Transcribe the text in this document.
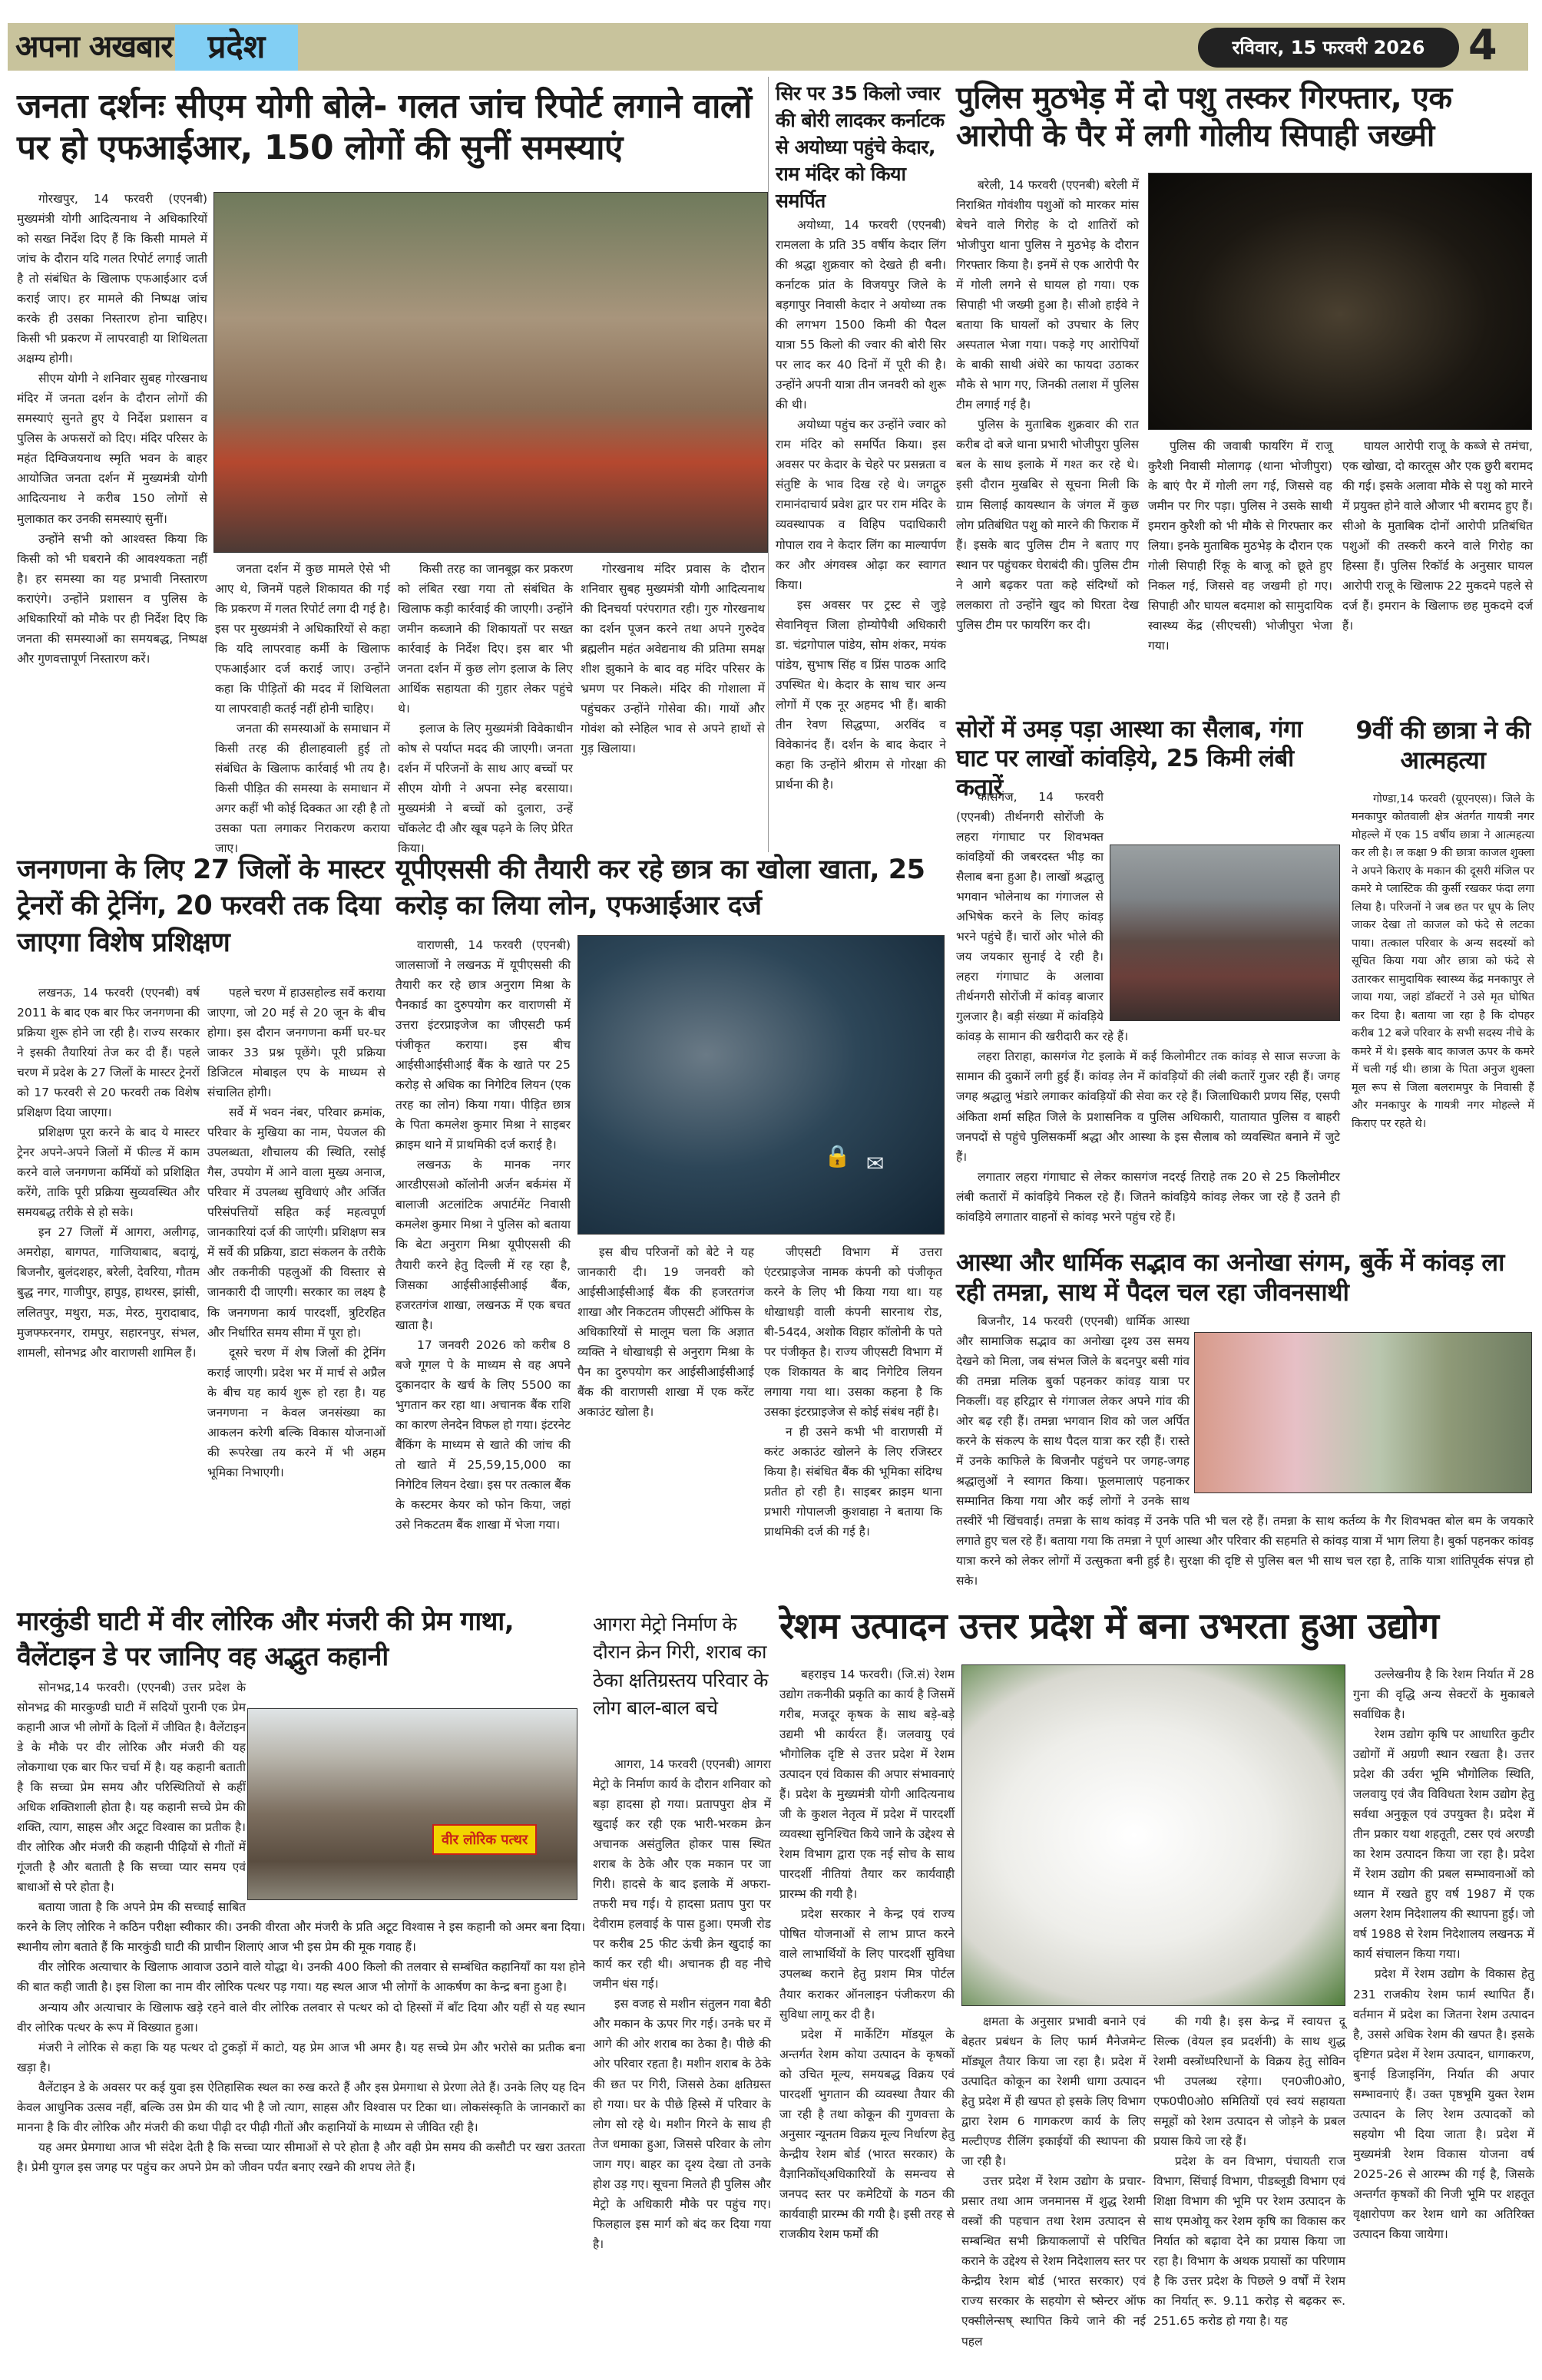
अपना अखबार	प्रदेश	रविवार, 15 फरवरी 2026	4
जनता दर्शनः सीएम योगी बोले- गलत जांच रिपोर्ट लगाने वालों पर हो एफआईआर, 150 लोगों की सुनीं समस्याएं

गोरखपुर, 14 फरवरी (एएनबी) मुख्यमंत्री योगी आदित्यनाथ ने अधिकारियों को सख्त निर्देश दिए हैं कि किसी मामले में जांच के दौरान यदि गलत रिपोर्ट लगाई जाती है तो संबंधित के खिलाफ एफआईआर दर्ज कराई जाए। हर मामले की निष्पक्ष जांच करके ही उसका निस्तारण होना चाहिए। किसी भी प्रकरण में लापरवाही या शिथिलता अक्षम्य होगी।

सीएम योगी ने शनिवार सुबह गोरखनाथ मंदिर में जनता दर्शन के दौरान लोगों की समस्याएं सुनते हुए ये निर्देश प्रशासन व पुलिस के अफसरों को दिए। मंदिर परिसर के महंत दिग्विजयनाथ स्मृति भवन के बाहर आयोजित जनता दर्शन में मुख्यमंत्री योगी आदित्यनाथ ने करीब 150 लोगों से मुलाकात कर उनकी समस्याएं सुनीं।

उन्होंने सभी को आश्वस्त किया कि किसी को भी घबराने की आवश्यकता नहीं है। हर समस्या का यह प्रभावी निस्तारण कराएंगे। उन्होंने प्रशासन व पुलिस के अधिकारियों को मौके पर ही निर्देश दिए कि जनता की समस्याओं का समयबद्ध, निष्पक्ष और गुणवत्तापूर्ण निस्तारण करें।

जनता दर्शन में कुछ मामले ऐसे भी आए थे, जिनमें पहले शिकायत की गई कि प्रकरण में गलत रिपोर्ट लगा दी गई है। इस पर मुख्यमंत्री ने अधिकारियों से कहा कि यदि लापरवाह कर्मी के खिलाफ एफआईआर दर्ज कराई जाए। उन्होंने कहा कि पीड़ितों की मदद में शिथिलता या लापरवाही कतई नहीं होनी चाहिए।

जनता की समस्याओं के समाधान में किसी तरह की हीलाहवाली हुई तो संबंधित के खिलाफ कार्रवाई भी तय है। किसी पीड़ित की समस्या के समाधान में अगर कहीं भी कोई दिक्कत आ रही है तो उसका पता लगाकर निराकरण कराया जाए।

किसी तरह का जानबूझ कर प्रकरण को लंबित रखा गया तो संबंधित के खिलाफ कड़ी कार्रवाई की जाएगी। उन्होंने जमीन कब्जाने की शिकायतों पर सख्त कार्रवाई के निर्देश दिए। इस बार भी जनता दर्शन में कुछ लोग इलाज के लिए आर्थिक सहायता की गुहार लेकर पहुंचे थे।

इलाज के लिए मुख्यमंत्री विवेकाधीन कोष से पर्याप्त मदद की जाएगी। जनता दर्शन में परिजनों के साथ आए बच्चों पर सीएम योगी ने अपना स्नेह बरसाया। मुख्यमंत्री ने बच्चों को दुलारा, उन्हें चॉकलेट दी और खूब पढ़ने के लिए प्रेरित किया।

गोरखनाथ मंदिर प्रवास के दौरान शनिवार सुबह मुख्यमंत्री योगी आदित्यनाथ की दिनचर्या परंपरागत रही। गुरु गोरखनाथ का दर्शन पूजन करने तथा अपने गुरुदेव ब्रह्मलीन महंत अवेद्यनाथ की प्रतिमा समक्ष शीश झुकाने के बाद वह मंदिर परिसर के भ्रमण पर निकले। मंदिर की गोशाला में पहुंचकर उन्होंने गोसेवा की। गायों और गोवंश को स्नेहिल भाव से अपने हाथों से गुड़ खिलाया।

सिर पर 35 किलो ज्वार की बोरी लादकर कर्नाटक से अयोध्या पहुंचे केदार, राम मंदिर को किया समर्पित

अयोध्या, 14 फरवरी (एएनबी) रामलला के प्रति 35 वर्षीय केदार लिंग की श्रद्धा शुक्रवार को देखते ही बनी। कर्नाटक प्रांत के विजयपुर जिले के बड़गापुर निवासी केदार ने अयोध्या तक की लगभग 1500 किमी की पैदल यात्रा 55 किलो की ज्वार की बोरी सिर पर लाद कर 40 दिनों में पूरी की है। उन्होंने अपनी यात्रा तीन जनवरी को शुरू की थी।

अयोध्या पहुंच कर उन्होंने ज्वार को राम मंदिर को समर्पित किया। इस अवसर पर केदार के चेहरे पर प्रसन्नता व संतुष्टि के भाव दिख रहे थे। जगद्गुरु रामानंदाचार्य प्रवेश द्वार पर राम मंदिर के व्यवस्थापक व विहिप पदाधिकारी गोपाल राव ने केदार लिंग का माल्यार्पण कर और अंगवस्त्र ओढ़ा कर स्वागत किया।

इस अवसर पर ट्रस्ट से जुड़े सेवानिवृत्त जिला होम्योपैथी अधिकारी डा. चंद्रगोपाल पांडेय, सोम शंकर, मयंक पांडेय, सुभाष सिंह व प्रिंस पाठक आदि उपस्थित थे। केदार के साथ चार अन्य लोगों में एक नूर अहमद भी हैं। बाकी तीन रेवण सिद्धप्पा, अरविंद व विवेकानंद हैं। दर्शन के बाद केदार ने कहा कि उन्होंने श्रीराम से गोरक्षा की प्रार्थना की है।

पुलिस मुठभेड़ में दो पशु तस्कर गिरफ्तार, एक आरोपी के पैर में लगी गोलीय सिपाही जख्मी

बरेली, 14 फरवरी (एएनबी) बरेली में निराश्रित गोवंशीय पशुओं को मारकर मांस बेचने वाले गिरोह के दो शातिरों को भोजीपुरा थाना पुलिस ने मुठभेड़ के दौरान गिरफ्तार किया है। इनमें से एक आरोपी पैर में गोली लगने से घायल हो गया। एक सिपाही भी जख्मी हुआ है। सीओ हाईवे ने बताया कि घायलों को उपचार के लिए अस्पताल भेजा गया। पकड़े गए आरोपियों के बाकी साथी अंधेरे का फायदा उठाकर मौके से भाग गए, जिनकी तलाश में पुलिस टीम लगाई गई है।

पुलिस के मुताबिक शुक्रवार की रात करीब दो बजे थाना प्रभारी भोजीपुरा पुलिस बल के साथ इलाके में गश्त कर रहे थे। इसी दौरान मुखबिर से सूचना मिली कि ग्राम सिलाई कायस्थान के जंगल में कुछ लोग प्रतिबंधित पशु को मारने की फिराक में हैं। इसके बाद पुलिस टीम ने बताए गए स्थान पर पहुंचकर घेराबंदी की। पुलिस टीम ने आगे बढ़कर पता कहे संदिग्धों को ललकारा तो उन्होंने खुद को घिरता देख पुलिस टीम पर फायरिंग कर दी।

पुलिस की जवाबी फायरिंग में राजू कुरैशी निवासी मोलागढ़ (थाना भोजीपुरा) के बाएं पैर में गोली लग गई, जिससे वह जमीन पर गिर पड़ा। पुलिस ने उसके साथी इमरान कुरैशी को भी मौके से गिरफ्तार कर लिया। इनके मुताबिक मुठभेड़ के दौरान एक गोली सिपाही रिंकू के बाजू को छूते हुए निकल गई, जिससे वह जखमी हो गए। सिपाही और घायल बदमाश को सामुदायिक स्वास्थ्य केंद्र (सीएचसी) भोजीपुरा भेजा गया।

घायल आरोपी राजू के कब्जे से तमंचा, एक खोखा, दो कारतूस और एक छुरी बरामद की गई। इसके अलावा मौके से पशु को मारने में प्रयुक्त होने वाले औजार भी बरामद हुए हैं। सीओ के मुताबिक दोनों आरोपी प्रतिबंधित पशुओं की तस्करी करने वाले गिरोह का हिस्सा हैं। पुलिस रिकॉर्ड के अनुसार घायल आरोपी राजू के खिलाफ 22 मुकदमे पहले से दर्ज हैं। इमरान के खिलाफ छह मुकदमे दर्ज हैं।

सोरों में उमड़ पड़ा आस्था का सैलाब, गंगा घाट पर लाखों कांवड़िये, 25 किमी लंबी कतारें

कासगंज, 14 फरवरी (एएनबी) तीर्थनगरी सोरोंजी के लहरा गंगाघाट पर शिवभक्त कांवड़ियों की जबरदस्त भीड़ का सैलाब बना हुआ है। लाखों श्रद्धालु भगवान भोलेनाथ का गंगाजल से अभिषेक करने के लिए कांवड़ भरने पहुंचे हैं। चारों ओर भोले की जय जयकार सुनाई दे रही है। लहरा गंगाघाट के अलावा तीर्थनगरी सोरोंजी में कांवड़ बाजार गुलजार है। बड़ी संख्या में कांवड़िये कांवड़ के सामान की खरीदारी कर रहे हैं।

लहरा तिराहा, कासगंज गेट इलाके में कई किलोमीटर तक कांवड़ से साज सज्जा के सामान की दुकानें लगी हुई हैं। कांवड़ लेन में कांवड़ियों की लंबी कतारें गुजर रही हैं। जगह जगह श्रद्धालु भंडारे लगाकर कांवड़ियों की सेवा कर रहे हैं। जिलाधिकारी प्रणय सिंह, एसपी अंकिता शर्मा सहित जिले के प्रशासनिक व पुलिस अधिकारी, यातायात पुलिस व बाहरी जनपदों से पहुंचे पुलिसकर्मी श्रद्धा और आस्था के इस सैलाब को व्यवस्थित बनाने में जुटे हैं।

लगातार लहरा गंगाघाट से लेकर कासगंज नदरई तिराहे तक 20 से 25 किलोमीटर लंबी कतारों में कांवड़िये निकल रहे हैं। जितने कांवड़िये कांवड़ लेकर जा रहे हैं उतने ही कांवड़िये लगातार वाहनों से कांवड़ भरने पहुंच रहे हैं।

9वीं की छात्रा ने की आत्महत्या

गोण्डा,14 फरवरी (यूएनएस)। जिले के मनकापुर कोतवाली क्षेत्र अंतर्गत गायत्री नगर मोहल्ले में एक 15 वर्षीय छात्रा ने आत्महत्या कर ली है। ल कक्षा 9 की छात्रा काजल शुक्ला ने अपने किराए के मकान की दूसरी मंजिल पर कमरे मे प्लास्टिक की कुर्सी रखकर फंदा लगा लिया है। परिजनों ने जब छत पर धूप के लिए जाकर देखा तो काजल को फंदे से लटका पाया। तत्काल परिवार के अन्य सदस्यों को सूचित किया गया और छात्रा को फंदे से उतारकर सामुदायिक स्वास्थ्य केंद्र मनकापुर ले जाया गया, जहां डॉक्टरों ने उसे मृत घोषित कर दिया है। बताया जा रहा है कि दोपहर करीब 12 बजे परिवार के सभी सदस्य नीचे के कमरे में थे। इसके बाद काजल ऊपर के कमरे में चली गई थी। छात्रा के पिता अनुज शुक्ला मूल रूप से जिला बलरामपुर के निवासी हैं और मनकापुर के गायत्री नगर मोहल्ले में किराए पर रहते थे।

जनगणना के लिए 27 जिलों के मास्टर ट्रेनरों की ट्रेनिंग, 20 फरवरी तक दिया जाएगा विशेष प्रशिक्षण

लखनऊ, 14 फरवरी (एएनबी) वर्ष 2011 के बाद एक बार फिर जनगणना की प्रक्रिया शुरू होने जा रही है। राज्य सरकार ने इसकी तैयारियां तेज कर दी हैं। पहले चरण में प्रदेश के 27 जिलों के मास्टर ट्रेनरों को 17 फरवरी से 20 फरवरी तक विशेष प्रशिक्षण दिया जाएगा।

प्रशिक्षण पूरा करने के बाद ये मास्टर ट्रेनर अपने-अपने जिलों में फील्ड में काम करने वाले जनगणना कर्मियों को प्रशिक्षित करेंगे, ताकि पूरी प्रक्रिया सुव्यवस्थित और समयबद्ध तरीके से हो सके।

इन 27 जिलों में आगरा, अलीगढ़, अमरोहा, बागपत, गाजियाबाद, बदायूं, बिजनौर, बुलंदशहर, बरेली, देवरिया, गौतम बुद्ध नगर, गाजीपुर, हापुड़, हाथरस, झांसी, ललितपुर, मथुरा, मऊ, मेरठ, मुरादाबाद, मुजफ्फरनगर, रामपुर, सहारनपुर, संभल, शामली, सोनभद्र और वाराणसी शामिल हैं।

पहले चरण में हाउसहोल्ड सर्वे कराया जाएगा, जो 20 मई से 20 जून के बीच होगा। इस दौरान जनगणना कर्मी घर-घर जाकर 33 प्रश्न पूछेंगे। पूरी प्रक्रिया डिजिटल मोबाइल एप के माध्यम से संचालित होगी।

सर्वे में भवन नंबर, परिवार क्रमांक, परिवार के मुखिया का नाम, पेयजल की उपलब्धता, शौचालय की स्थिति, रसोई गैस, उपयोग में आने वाला मुख्य अनाज, परिवार में उपलब्ध सुविधाएं और अर्जित परिसंपत्तियों सहित कई महत्वपूर्ण जानकारियां दर्ज की जाएंगी। प्रशिक्षण सत्र में सर्वे की प्रक्रिया, डाटा संकलन के तरीके और तकनीकी पहलुओं की विस्तार से जानकारी दी जाएगी। सरकार का लक्ष्य है कि जनगणना कार्य पारदर्शी, त्रुटिरहित और निर्धारित समय सीमा में पूरा हो।

दूसरे चरण में शेष जिलों की ट्रेनिंग कराई जाएगी। प्रदेश भर में मार्च से अप्रैल के बीच यह कार्य शुरू हो रहा है। यह जनगणना न केवल जनसंख्या का आकलन करेगी बल्कि विकास योजनाओं की रूपरेखा तय करने में भी अहम भूमिका निभाएगी।

यूपीएससी की तैयारी कर रहे छात्र का खोला खाता, 25 करोड़ का लिया लोन, एफआईआर दर्ज

वाराणसी, 14 फरवरी (एएनबी) जालसाजों ने लखनऊ में यूपीएससी की तैयारी कर रहे छात्र अनुराग मिश्रा के पैनकार्ड का दुरुपयोग कर वाराणसी में उत्तरा इंटरप्राइजेज का जीएसटी फर्म पंजीकृत कराया। इस बीच आईसीआईसीआई बैंक के खाते पर 25 करोड़ से अधिक का निगेटिव लियन (एक तरह का लोन) किया गया। पीड़ित छात्र के पिता कमलेश कुमार मिश्रा ने साइबर क्राइम थाने में प्राथमिकी दर्ज कराई है।

लखनऊ के मानक नगर आरडीएसओ कॉलोनी अर्जन बर्कमंस में बालाजी अटलांटिक अपार्टमेंट निवासी कमलेश कुमार मिश्रा ने पुलिस को बताया कि बेटा अनुराग मिश्रा यूपीएससी की तैयारी करने हेतु दिल्ली में रह रहा है, जिसका आईसीआईसीआई बैंक, हजरतगंज शाखा, लखनऊ में एक बचत खाता है।

17 जनवरी 2026 को करीब 8 बजे गूगल पे के माध्यम से वह अपने दुकानदार के खर्च के लिए 5500 का भुगतान कर रहा था। अचानक बैंक राशि का कारण लेनदेन विफल हो गया। इंटरनेट बैंकिंग के माध्यम से खाते की जांच की तो खाते में 25,59,15,000 का निगेटिव लियन देखा। इस पर तत्काल बैंक के कस्टमर केयर को फोन किया, जहां उसे निकटतम बैंक शाखा में भेजा गया।

🔒 ✉

इस बीच परिजनों को बेटे ने यह जानकारी दी। 19 जनवरी को आईसीआईसीआई बैंक की हजरतगंज शाखा और निकटतम जीएसटी ऑफिस के अधिकारियों से मालूम चला कि अज्ञात व्यक्ति ने धोखाधड़ी से अनुराग मिश्रा के पैन का दुरुपयोग कर आईसीआईसीआई बैंक की वाराणसी शाखा में एक करेंट अकाउंट खोला है।

जीएसटी विभाग में उत्तरा एंटरप्राइजेज नामक कंपनी को पंजीकृत करने के लिए भी किया गया था। यह धोखाधड़ी वाली कंपनी सारनाथ रोड, बी-54द4, अशोक विहार कॉलोनी के पते पर पंजीकृत है। राज्य जीएसटी विभाग में एक शिकायत के बाद निगेटिव लियन लगाया गया था। उसका कहना है कि उसका इंटरप्राइजेज से कोई संबंध नहीं है।

न ही उसने कभी भी वाराणसी में करंट अकाउंट खोलने के लिए रजिस्टर किया है। संबंधित बैंक की भूमिका संदिग्ध प्रतीत हो रही है। साइबर क्राइम थाना प्रभारी गोपालजी कुशवाहा ने बताया कि प्राथमिकी दर्ज की गई है।

आस्था और धार्मिक सद्भाव का अनोखा संगम, बुर्के में कांवड़ ला रही तमन्ना, साथ में पैदल चल रहा जीवनसाथी

बिजनौर, 14 फरवरी (एएनबी) धार्मिक आस्था और सामाजिक सद्भाव का अनोखा दृश्य उस समय देखने को मिला, जब संभल जिले के बदनपुर बसी गांव की तमन्ना मलिक बुर्का पहनकर कांवड़ यात्रा पर निकलीं। वह हरिद्वार से गंगाजल लेकर अपने गांव की ओर बढ़ रही हैं। तमन्ना भगवान शिव को जल अर्पित करने के संकल्प के साथ पैदल यात्रा कर रही हैं। रास्ते में उनके काफिले के बिजनौर पहुंचने पर जगह-जगह श्रद्धालुओं ने स्वागत किया। फूलमालाएं पहनाकर सम्मानित किया गया और कई लोगों ने उनके साथ तस्वीरें भी खिंचवाईं। तमन्ना के साथ कांवड़ में उनके पति भी चल रहे हैं। तमन्ना के साथ कर्तव्य के गैर शिवभक्त बोल बम के जयकारे लगाते हुए चल रहे हैं। बताया गया कि तमन्ना ने पूर्ण आस्था और परिवार की सहमति से कांवड़ यात्रा में भाग लिया है। बुर्का पहनकर कांवड़ यात्रा करने को लेकर लोगों में उत्सुकता बनी हुई है। सुरक्षा की दृष्टि से पुलिस बल भी साथ चल रहा है, ताकि यात्रा शांतिपूर्वक संपन्न हो सके।

मारकुंडी घाटी में वीर लोरिक और मंजरी की प्रेम गाथा, वैलेंटाइन डे पर जानिए वह अद्भुत कहानी
वीर लोरिक पत्थर

सोनभद्र,14 फरवरी। (एएनबी) उत्तर प्रदेश के सोनभद्र की मारकुण्डी घाटी में सदियों पुरानी एक प्रेम कहानी आज भी लोगों के दिलों में जीवित है। वैलेंटाइन डे के मौके पर वीर लोरिक और मंजरी की यह लोकगाथा एक बार फिर चर्चा में है। यह कहानी बताती है कि सच्चा प्रेम समय और परिस्थितियों से कहीं अधिक शक्तिशाली होता है। यह कहानी सच्चे प्रेम की शक्ति, त्याग, साहस और अटूट विश्वास का प्रतीक है। वीर लोरिक और मंजरी की कहानी पीढ़ियों से गीतों में गूंजती है और बताती है कि सच्चा प्यार समय एवं बाधाओं से परे होता है।

बताया जाता है कि अपने प्रेम की सच्चाई साबित करने के लिए लोरिक ने कठिन परीक्षा स्वीकार की। उनकी वीरता और मंजरी के प्रति अटूट विश्वास ने इस कहानी को अमर बना दिया। स्थानीय लोग बताते हैं कि मारकुंडी घाटी की प्राचीन शिलाएं आज भी इस प्रेम की मूक गवाह हैं।

वीर लोरिक अत्याचार के खिलाफ आवाज उठाने वाले योद्धा थे। उनकी 400 किलो की तलवार से सम्बंधित कहानियाँ का यश होने की बात कही जाती है। इस शिला का नाम वीर लोरिक पत्थर पड़ गया। यह स्थल आज भी लोगों के आकर्षण का केन्द्र बना हुआ है।

अन्याय और अत्याचार के खिलाफ खड़े रहने वाले वीर लोरिक तलवार से पत्थर को दो हिस्सों में बाँट दिया और यहीं से यह स्थान वीर लोरिक पत्थर के रूप में विख्यात हुआ।

मंजरी ने लोरिक से कहा कि यह पत्थर दो टुकड़ों में काटो, यह प्रेम आज भी अमर है। यह सच्चे प्रेम और भरोसे का प्रतीक बना खड़ा है।

वैलेंटाइन डे के अवसर पर कई युवा इस ऐतिहासिक स्थल का रुख करते हैं और इस प्रेमगाथा से प्रेरणा लेते हैं। उनके लिए यह दिन केवल आधुनिक उत्सव नहीं, बल्कि उस प्रेम की याद भी है जो त्याग, साहस और विश्वास पर टिका था। लोकसंस्कृति के जानकारों का मानना है कि वीर लोरिक और मंजरी की कथा पीढ़ी दर पीढ़ी गीतों और कहानियों के माध्यम से जीवित रही है।

यह अमर प्रेमगाथा आज भी संदेश देती है कि सच्चा प्यार सीमाओं से परे होता है और वही प्रेम समय की कसौटी पर खरा उतरता है। प्रेमी युगल इस जगह पर पहुंच कर अपने प्रेम को जीवन पर्यंत बनाए रखने की शपथ लेते हैं।

आगरा मेट्रो निर्माण के दौरान क्रेन गिरी, शराब का ठेका क्षतिग्रस्तय परिवार के लोग बाल-बाल बचे

आगरा, 14 फरवरी (एएनबी) आगरा मेट्रो के निर्माण कार्य के दौरान शनिवार को बड़ा हादसा हो गया। प्रतापपुरा क्षेत्र में खुदाई कर रही एक भारी-भरकम क्रेन अचानक असंतुलित होकर पास स्थित शराब के ठेके और एक मकान पर जा गिरी। हादसे के बाद इलाके में अफरा-तफरी मच गई। ये हादसा प्रताप पुरा पर देवीराम हलवाई के पास हुआ। एमजी रोड पर करीब 25 फीट ऊंची क्रेन खुदाई का कार्य कर रही थी। अचानक ही वह नीचे जमीन धंस गई।

इस वजह से मशीन संतुलन गवा बैठी और मकान के ऊपर गिर गई। उनके घर में आगे की ओर शराब का ठेका है। पीछे की ओर परिवार रहता है। मशीन शराब के ठेके की छत पर गिरी, जिससे ठेका क्षतिग्रस्त हो गया। घर के पीछे हिस्से में परिवार के लोग सो रहे थे। मशीन गिरने के साथ ही तेज धमाका हुआ, जिससे परिवार के लोग जाग गए। बाहर का दृश्य देखा तो उनके होश उड़ गए। सूचना मिलते ही पुलिस और मेट्रो के अधिकारी मौके पर पहुंच गए। फिलहाल इस मार्ग को बंद कर दिया गया है।

रेशम उत्पादन उत्तर प्रदेश में बना उभरता हुआ उद्योग

बहराइच 14 फरवरी। (जि.सं) रेशम उद्योग तकनीकी प्रकृति का कार्य है जिसमें गरीब, मजदूर कृषक के साथ बड़े-बड़े उद्यमी भी कार्यरत हैं। जलवायु एवं भौगोलिक दृष्टि से उत्तर प्रदेश में रेशम उत्पादन एवं विकास की अपार संभावनाएं हैं। प्रदेश के मुख्यमंत्री योगी आदित्यनाथ जी के कुशल नेतृत्व में प्रदेश में पारदर्शी व्यवस्था सुनिश्चित किये जाने के उद्देश्य से रेशम विभाग द्वारा एक नई सोच के साथ पारदर्शी नीतियां तैयार कर कार्यवाही प्रारम्भ की गयी है।

प्रदेश सरकार ने केन्द्र एवं राज्य पोषित योजनाओं से लाभ प्राप्त करने वाले लाभार्थियों के लिए पारदर्शी सुविधा उपलब्ध कराने हेतु प्रशम मित्र पोर्टल तैयार कराकर ऑनलाइन पंजीकरण की सुविधा लागू कर दी है।

प्रदेश में मार्केटिंग मॉडयूल के अन्तर्गत रेशम कोया उत्पादन के कृषकों को उचित मूल्य, समयबद्ध विक्रय एवं पारदर्शी भुगतान की व्यवस्था तैयार की जा रही है तथा कोकून की गुणवत्ता के अनुसार न्यूनतम विक्रय मूल्य निर्धारण हेतु केन्द्रीय रेशम बोर्ड (भारत सरकार) के वैज्ञानिकोंध्अधिकारियों के समन्वय से जनपद स्तर पर कमेटियों के गठन की कार्यवाही प्रारम्भ की गयी है। इसी तरह से राजकीय रेशम फर्मों की

क्षमता के अनुसार प्रभावी बनाने एवं बेहतर प्रबंधन के लिए फार्म मैनेजमेन्ट मॉड्यूल तैयार किया जा रहा है। प्रदेश में उत्पादित कोकून का रेशमी धागा उत्पादन हेतु प्रदेश में ही खपत हो इसके लिए विभाग द्वारा रेशम 6 गागकरण कार्य के लिए मल्टीएण्ड रीलिंग इकाईयों की स्थापना की जा रही है।

उत्तर प्रदेश में रेशम उद्योग के प्रचार-प्रसार तथा आम जनमानस में शुद्ध रेशमी वस्त्रों की पहचान तथा रेशम उत्पादन से सम्बन्धित सभी क्रियाकलापों से परिचित कराने के उद्देश्य से रेशम निदेशालय स्तर पर केन्द्रीय रेशम बोर्ड (भारत सरकार) एवं राज्य सरकार के सहयोग से ष्सेन्टर ऑफ एक्सीलेन्सष् स्थापित किये जाने की नई पहल

की गयी है। इस केन्द्र में स्वायत्त दू सिल्क (वेयल इव प्रदर्शनी) के साथ शुद्ध रेशमी वस्त्रोंध्परिधानों के विक्रय हेतु सोविन भी उपलब्ध रहेगा। एन0जी0ओ0, एफ0पी0ओ0 समितियों एवं स्वयं सहायता समूहों को रेशम उत्पादन से जोड़ने के प्रबल प्रयास किये जा रहे हैं।

प्रदेश के वन विभाग, पंचायती राज विभाग, सिंचाई विभाग, पीडब्लूडी विभाग एवं शिक्षा विभाग की भूमि पर रेशम उत्पादन के साथ एमओयू कर रेशम कृषि का विकास कर निर्यात को बढ़ावा देने का प्रयास किया जा रहा है। विभाग के अथक प्रयासों का परिणाम है कि उत्तर प्रदेश के पिछले 9 वर्षों में रेशम का निर्यात् रू. 9.11 करोड़ से बढ़कर रू. 251.65 करोड हो गया है। यह

उल्लेखनीय है कि रेशम निर्यात में 28 गुना की वृद्धि अन्य सेक्टरों के मुकाबले सर्वाधिक है।

रेशम उद्योग कृषि पर आधारित कुटीर उद्योगों में अग्रणी स्थान रखता है। उत्तर प्रदेश की उर्वरा भूमि भौगोलिक स्थिति, जलवायु एवं जैव विविधता रेशम उद्योग हेतु सर्वथा अनुकूल एवं उपयुक्त है। प्रदेश में तीन प्रकार यथा शहतूती, टसर एवं अरण्डी का रेशम उत्पादन किया जा रहा है। प्रदेश में रेशम उद्योग की प्रबल सम्भावनाओं को ध्यान में रखते हुए वर्ष 1987 में एक अलग रेशम निदेशालय की स्थापना हुई। जो वर्ष 1988 से रेशम निदेशालय लखनऊ में कार्य संचालन किया गया।

प्रदेश में रेशम उद्योग के विकास हेतु 231 राजकीय रेशम फार्म स्थापित हैं। वर्तमान में प्रदेश का जितना रेशम उत्पादन है, उससे अधिक रेशम की खपत है। इसके दृष्टिगत प्रदेश में रेशम उत्पादन, धागाकरण, बुनाई डिजाइनिंग, निर्यात की अपार सम्भावनाएं हैं। उक्त पृष्ठभूमि युक्त रेशम उत्पादन के लिए रेशम उत्पादकों को सहयोग भी दिया जाता है। प्रदेश में मुख्यमंत्री रेशम विकास योजना वर्ष 2025-26 से आरम्भ की गई है, जिसके अन्तर्गत कृषकों की निजी भूमि पर शहतूत वृक्षारोपण कर रेशम धागे का अतिरिक्त उत्पादन किया जायेगा।
